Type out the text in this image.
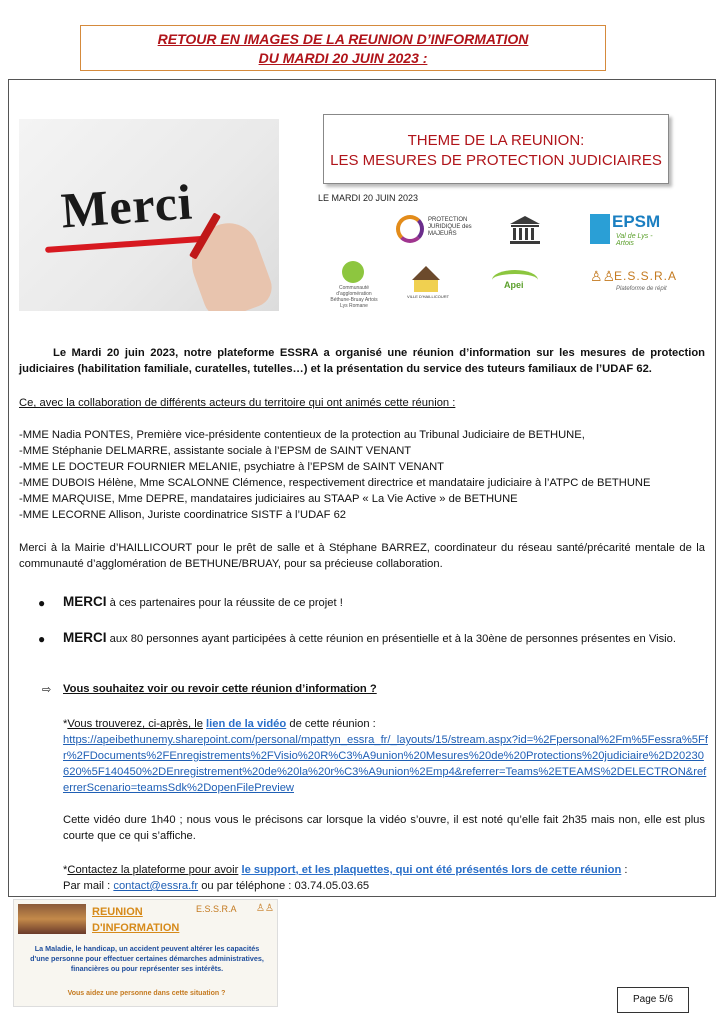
RETOUR EN IMAGES DE LA REUNION D’INFORMATION
DU MARDI 20 JUIN 2023 :
Merci
THEME DE LA REUNION:
LES MESURES DE PROTECTION JUDICIAIRES
LE MARDI 20 JUIN 2023
PROTECTION JURIDIQUE des MAJEURS
EPSM
Val de Lys - Artois
Communauté d'agglomération Béthune-Bruay Artois Lys Romane
VILLE D'HAILLICOURT
Apei
♙♙
E.S.S.R.A
Plateforme de répit
Le Mardi 20 juin 2023, notre plateforme ESSRA a organisé une réunion d’information sur les mesures de protection judiciaires (habilitation familiale, curatelles, tutelles…) et la présentation du service des tuteurs familiaux de l’UDAF 62.
Ce, avec la collaboration de différents acteurs du territoire qui ont animés cette réunion :
-MME Nadia PONTES, Première vice-présidente contentieux de la protection au Tribunal Judiciaire de BETHUNE,
-MME Stéphanie DELMARRE, assistante sociale à l’EPSM de SAINT VENANT
-MME LE DOCTEUR FOURNIER MELANIE, psychiatre à l’EPSM de SAINT VENANT
-MME DUBOIS Hélène, Mme SCALONNE Clémence, respectivement directrice et mandataire judiciaire à l’ATPC de BETHUNE
-MME MARQUISE, Mme DEPRE, mandataires judiciaires au STAAP « La Vie Active » de BETHUNE
-MME LECORNE Allison, Juriste coordinatrice SISTF à l’UDAF 62
Merci à la Mairie d’HAILLICOURT pour le prêt de salle et à Stéphane BARREZ, coordinateur du réseau santé/précarité mentale de la communauté d’agglomération de BETHUNE/BRUAY, pour sa précieuse collaboration.
● MERCI à ces partenaires pour la réussite de ce projet !
● MERCI aux 80 personnes ayant participées à cette réunion en présentielle et à la 30ène de personnes présentes en Visio.
⇨ Vous souhaitez voir ou revoir cette réunion d’information ?
*Vous trouverez, ci-après, le lien de la vidéo de cette réunion :
https://apeibethunemy.sharepoint.com/personal/mpattyn_essra_fr/_layouts/15/stream.aspx?id=%2Fpersonal%2Fm%5Fessra%5Ffr%2FDocuments%2FEnregistrements%2FVisio%20R%C3%A9union%20Mesures%20de%20Protections%20judiciaire%2D20230620%5F140450%2DEnregistrement%20de%20la%20r%C3%A9union%2Emp4&referrer=Teams%2ETEAMS%2DELECTRON&referrerScenario=teamsSdk%2DopenFilePreview
Cette vidéo dure 1h40 ; nous vous le précisons car lorsque la vidéo s’ouvre, il est noté qu’elle fait 2h35 mais non, elle est plus courte que ce qui s’affiche.
*Contactez la plateforme pour avoir le support, et les plaquettes, qui ont été présentés lors de cette réunion :
Par mail : contact@essra.fr ou par téléphone : 03.74.05.03.65
REUNION
D'INFORMATION
E.S.S.R.A ♙♙
La Maladie, le handicap, un accident peuvent altérer les capacités d'une personne pour effectuer certaines démarches administratives, financières ou pour représenter ses intérêts.
Vous aidez une personne dans cette situation ?
Page 5/6
